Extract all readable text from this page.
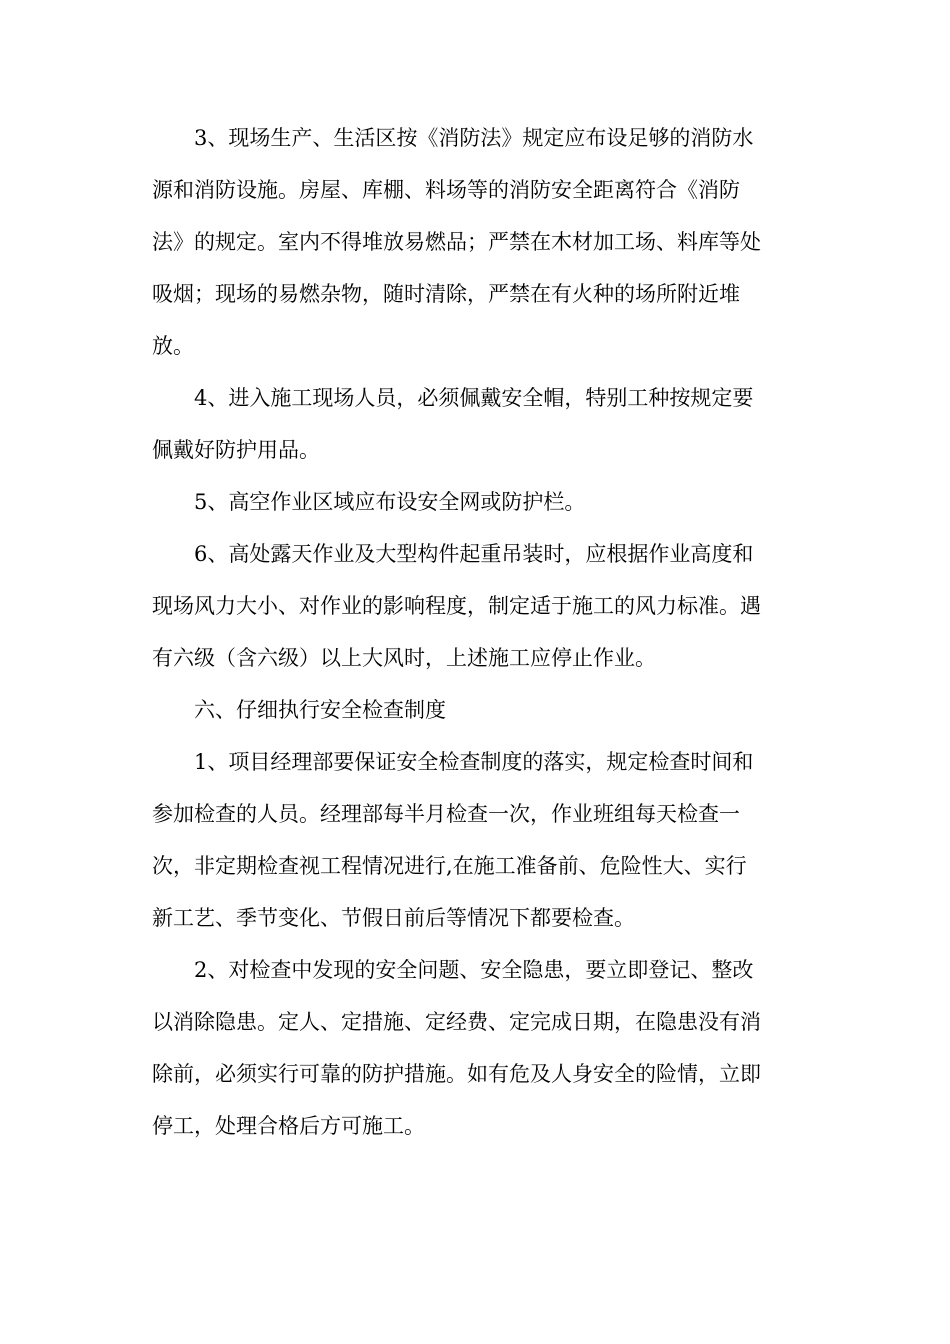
3、现场生产、生活区按《消防法》规定应布设足够的消防水
源和消防设施。房屋、库棚、料场等的消防安全距离符合《消防
法》的规定。室内不得堆放易燃品；严禁在木材加工场、料库等处
吸烟；现场的易燃杂物，随时清除，严禁在有火种的场所附近堆
放。

4、进入施工现场人员，必须佩戴安全帽，特别工种按规定要
佩戴好防护用品。

5、高空作业区域应布设安全网或防护栏。

6、高处露天作业及大型构件起重吊装时，应根据作业高度和
现场风力大小、对作业的影响程度，制定适于施工的风力标准。遇
有六级（含六级）以上大风时，上述施工应停止作业。

六、仔细执行安全检查制度

1、项目经理部要保证安全检查制度的落实，规定检查时间和
参加检查的人员。经理部每半月检查一次，作业班组每天检查一
次，非定期检查视工程情况进行,在施工准备前、危险性大、实行
新工艺、季节变化、节假日前后等情况下都要检查。

2、对检查中发现的安全问题、安全隐患，要立即登记、整改
以消除隐患。定人、定措施、定经费、定完成日期，在隐患没有消
除前，必须实行可靠的防护措施。如有危及人身安全的险情，立即
停工，处理合格后方可施工。
